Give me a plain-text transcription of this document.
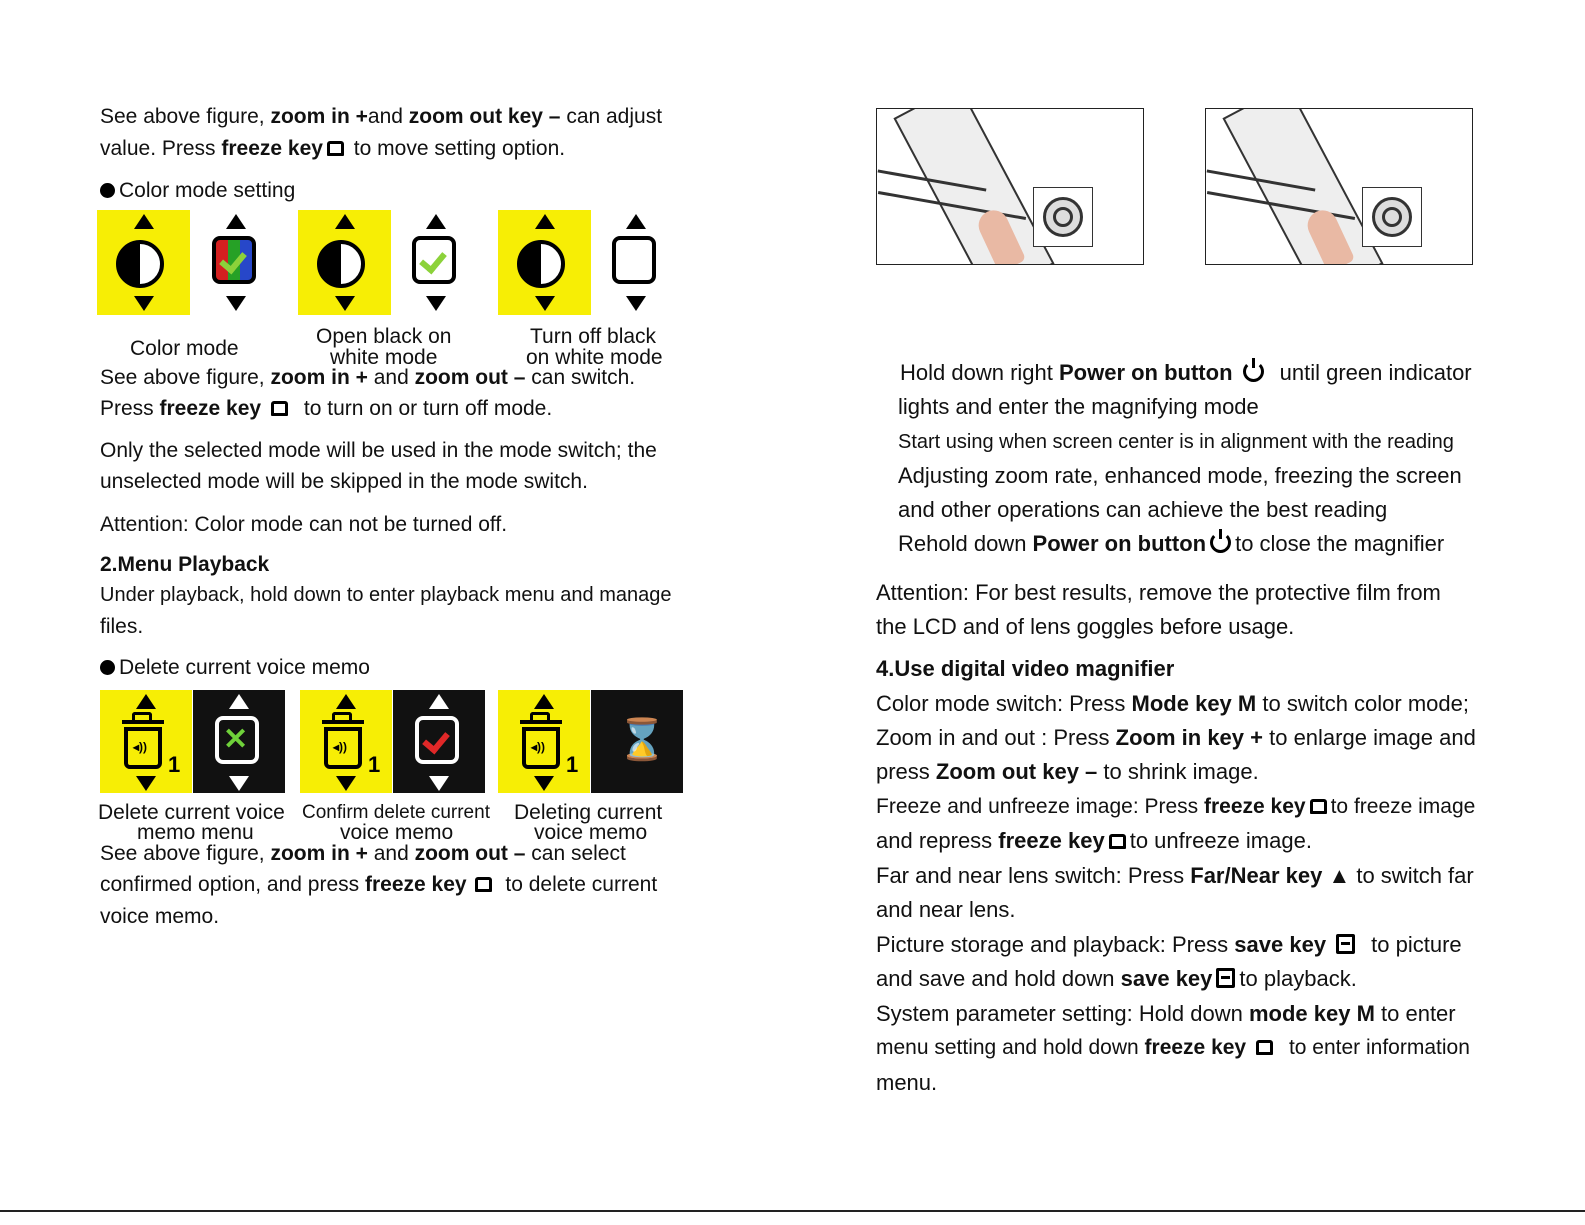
See above figure, zoom in +and zoom out key – can adjust
value. Press freeze key to move setting option.
Color mode setting
Color mode
Open black on
white mode
Turn off black
on white mode
See above figure, zoom in + and zoom out – can switch.
Press freeze key to turn on or turn off mode.
Only the selected mode will be used in the mode switch; the
unselected mode will be skipped in the mode switch.
Attention: Color mode can not be turned off.
2.Menu Playback
Under playback, hold down to enter playback menu and manage
files.
Delete current voice memo
◂))
1
✕	◂))
1
◂))
1
⌛
Delete current voice
memo menu
Confirm delete current
voice memo
Deleting current
voice memo
See above figure, zoom in + and zoom out – can select
confirmed option, and press freeze key to delete current
voice memo.
Hold down right Power on button until green indicator
lights and enter the magnifying mode
Start using when screen center is in alignment with the reading
Adjusting zoom rate, enhanced mode, freezing the screen
and other operations can achieve the best reading
Rehold down Power on button to close the magnifier
Attention: For best results, remove the protective film from
the LCD and of lens goggles before usage.
4.Use digital video magnifier
Color mode switch: Press Mode key M to switch color mode;
Zoom in and out : Press Zoom in key + to enlarge image and
press Zoom out key – to shrink image.
Freeze and unfreeze image: Press freeze key to freeze image
and repress freeze key to unfreeze image.
Far and near lens switch: Press Far/Near key ▲ to switch far
and near lens.
Picture storage and playback: Press save key to picture
and save and hold down save key to playback.
System parameter setting: Hold down mode key M to enter
menu setting and hold down freeze key to enter information
menu.
